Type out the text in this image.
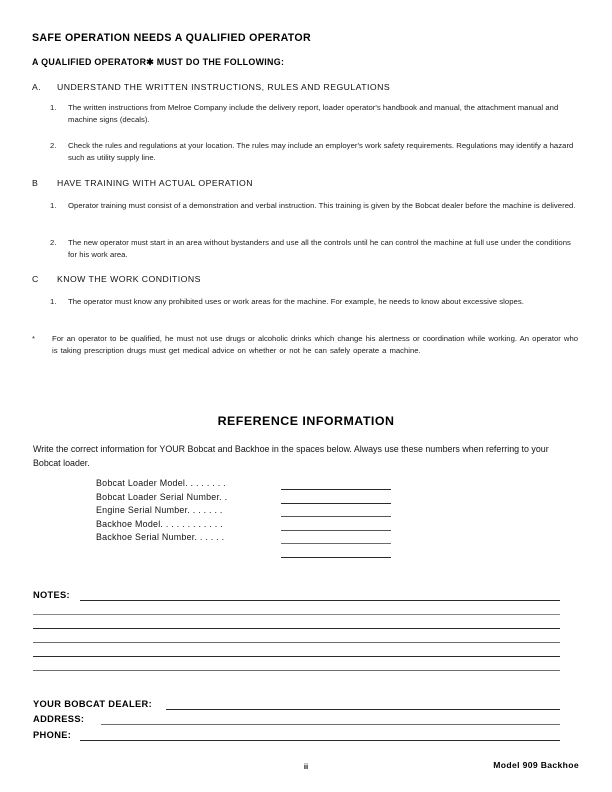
SAFE OPERATION NEEDS A QUALIFIED OPERATOR
A QUALIFIED OPERATOR✱ MUST DO THE FOLLOWING:
A. UNDERSTAND THE WRITTEN INSTRUCTIONS, RULES AND REGULATIONS
1.	The written instructions from Melroe Company include the delivery report, loader operator's handbook and manual, the attachment manual and machine signs (decals).
2.	Check the rules and regulations at your location. The rules may include an employer's work safety requirements. Regulations may identify a hazard such as utility supply line.
B HAVE TRAINING WITH ACTUAL OPERATION
1.	Operator training must consist of a demonstration and verbal instruction. This training is given by the Bobcat dealer before the machine is delivered.
2.	The new operator must start in an area without bystanders and use all the controls until he can control the machine at full use under the conditions for his work area.
C KNOW THE WORK CONDITIONS
1.	The operator must know any prohibited uses or work areas for the machine. For example, he needs to know about excessive slopes.
*	For an operator to be qualified, he must not use drugs or alcoholic drinks which change his alertness or coordination while working. An operator who is taking prescription drugs must get medical advice on whether or not he can safely operate a machine.
REFERENCE INFORMATION
Write the correct information for YOUR Bobcat and Backhoe in the spaces below. Always use these numbers when referring to your Bobcat loader.
Bobcat Loader Model. . . . . . . .
Bobcat Loader Serial Number. .
Engine Serial Number. . . . . . .
Backhoe Model. . . . . . . . . . . .
Backhoe Serial Number. . . . . .
NOTES:
YOUR BOBCAT DEALER:
ADDRESS:
PHONE:
ii	Model 909 Backhoe
